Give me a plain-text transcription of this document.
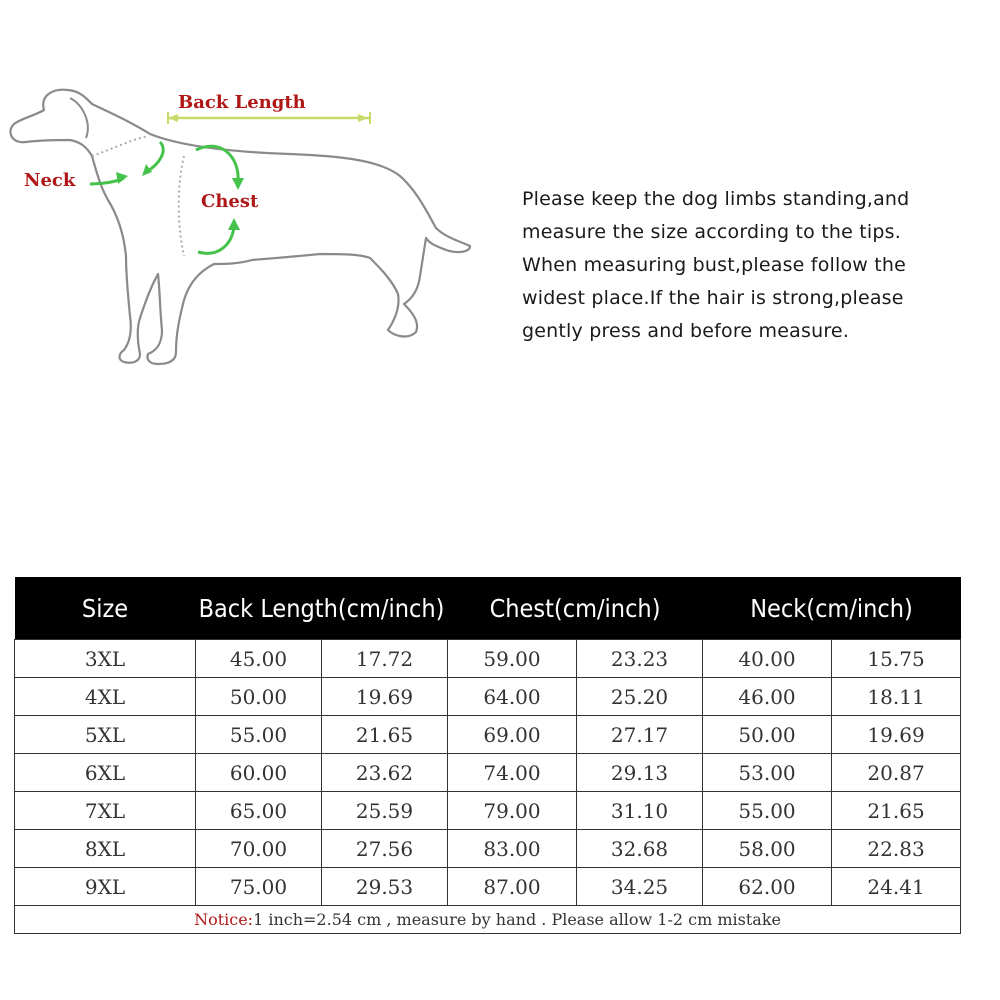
Back Length
Neck
Chest	Please keep the dog limbs standing,and
measure the size according to the tips.
When measuring bust,please follow the
widest place.If the hair is strong,please
gently press and before measure.
Size	Back Length(cm/inch)		Chest(cm/inch)		Neck(cm/inch)	
3XL	45.00	17.72	59.00	23.23	40.00	15.75
4XL	50.00	19.69	64.00	25.20	46.00	18.11
5XL	55.00	21.65	69.00	27.17	50.00	19.69
6XL	60.00	23.62	74.00	29.13	53.00	20.87
7XL	65.00	25.59	79.00	31.10	55.00	21.65
8XL	70.00	27.56	83.00	32.68	58.00	22.83
9XL	75.00	29.53	87.00	34.25	62.00	24.41
Notice:1 inch=2.54 cm , measure by hand . Please allow 1-2 cm mistake						
